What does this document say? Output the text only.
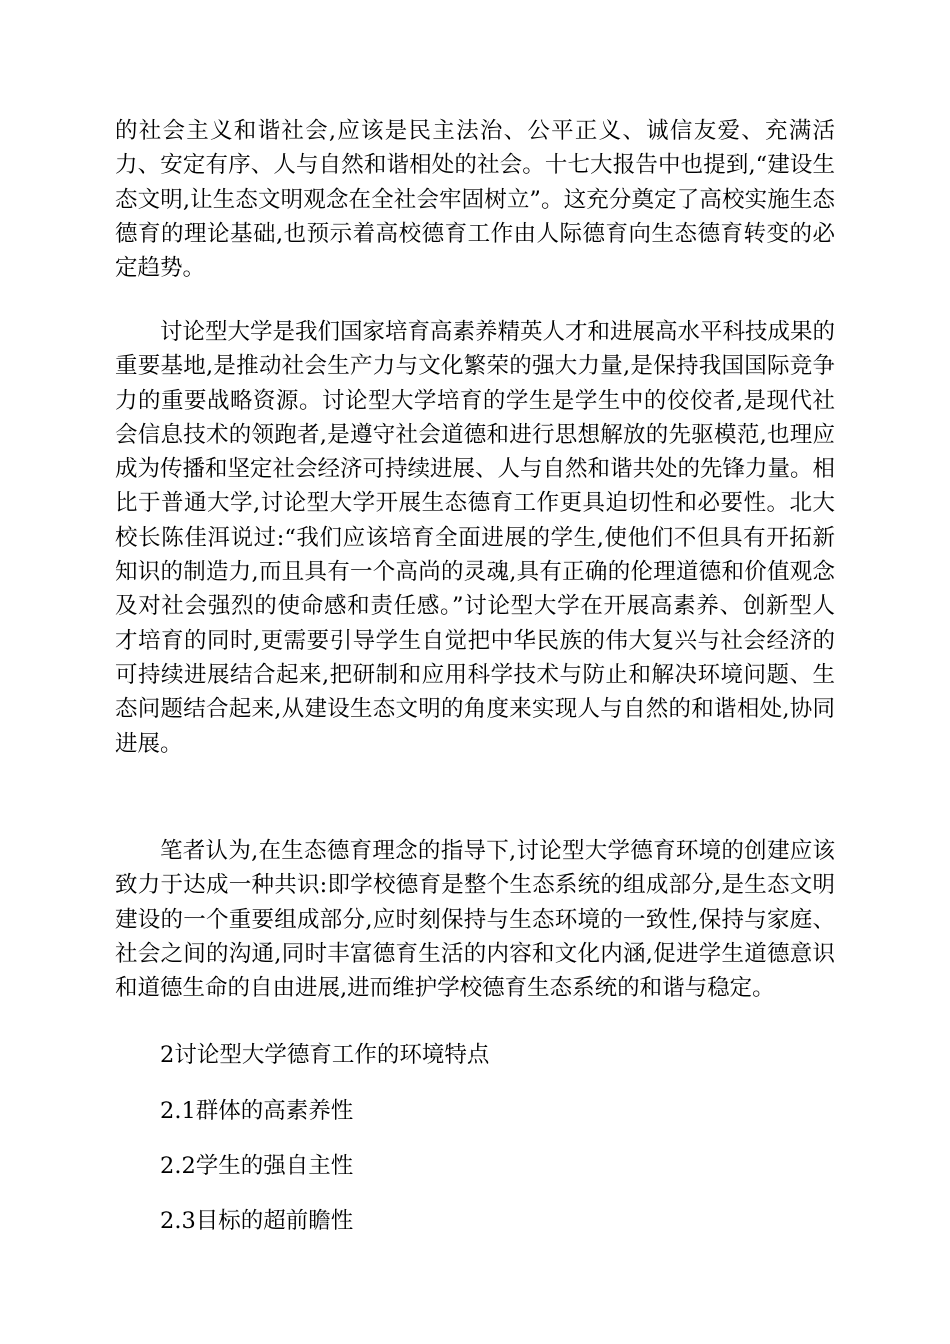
的社会主义和谐社会,应该是民主法治、公平正义、诚信友爱、充满活力、安定有序、人与自然和谐相处的社会。十七大报告中也提到,“建设生态文明,让生态文明观念在全社会牢固树立”。这充分奠定了高校实施生态德育的理论基础,也预示着高校德育工作由人际德育向生态德育转变的必定趋势。

讨论型大学是我们国家培育高素养精英人才和进展高水平科技成果的重要基地,是推动社会生产力与文化繁荣的强大力量,是保持我国国际竞争力的重要战略资源。讨论型大学培育的学生是学生中的佼佼者,是现代社会信息技术的领跑者,是遵守社会道德和进行思想解放的先驱模范,也理应成为传播和坚定社会经济可持续进展、人与自然和谐共处的先锋力量。相比于普通大学,讨论型大学开展生态德育工作更具迫切性和必要性。北大校长陈佳洱说过:“我们应该培育全面进展的学生,使他们不但具有开拓新知识的制造力,而且具有一个高尚的灵魂,具有正确的伦理道德和价值观念及对社会强烈的使命感和责任感。”讨论型大学在开展高素养、创新型人才培育的同时,更需要引导学生自觉把中华民族的伟大复兴与社会经济的可持续进展结合起来,把研制和应用科学技术与防止和解决环境问题、生态问题结合起来,从建设生态文明的角度来实现人与自然的和谐相处,协同进展。

笔者认为,在生态德育理念的指导下,讨论型大学德育环境的创建应该致力于达成一种共识:即学校德育是整个生态系统的组成部分,是生态文明建设的一个重要组成部分,应时刻保持与生态环境的一致性,保持与家庭、社会之间的沟通,同时丰富德育生活的内容和文化内涵,促进学生道德意识和道德生命的自由进展,进而维护学校德育生态系统的和谐与稳定。

2讨论型大学德育工作的环境特点

2.1群体的高素养性

2.2学生的强自主性

2.3目标的超前瞻性
